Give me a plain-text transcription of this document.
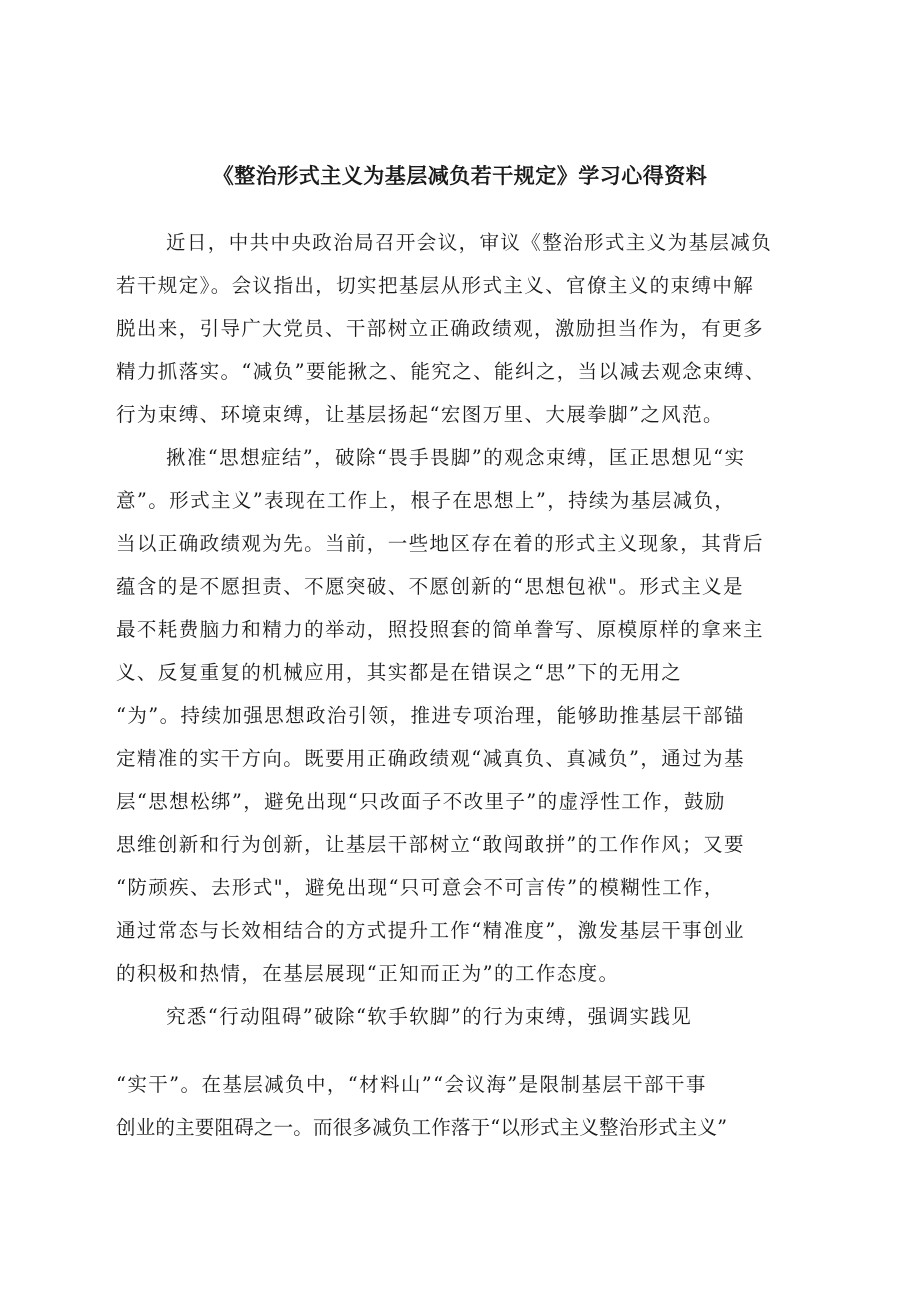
《整治形式主义为基层减负若干规定》学习心得资料
近日，中共中央政治局召开会议，审议《整治形式主义为基层减负
若干规定》。会议指出，切实把基层从形式主义、官僚主义的束缚中解
脱出来，引导广大党员、干部树立正确政绩观，激励担当作为，有更多
精力抓落实。“减负”要能揪之、能究之、能纠之，当以减去观念束缚、
行为束缚、环境束缚，让基层扬起“宏图万里、大展拳脚”之风范。
揪准“思想症结”，破除“畏手畏脚”的观念束缚，匡正思想见“实
意”。形式主义”表现在工作上，根子在思想上”，持续为基层减负，
当以正确政绩观为先。当前，一些地区存在着的形式主义现象，其背后
蕴含的是不愿担责、不愿突破、不愿创新的“思想包袱"。形式主义是
最不耗费脑力和精力的举动，照投照套的简单誊写、原模原样的拿来主
义、反复重复的机械应用，其实都是在错误之“思”下的无用之
“为”。持续加强思想政治引领，推进专项治理，能够助推基层干部锚
定精准的实干方向。既要用正确政绩观“减真负、真减负”，通过为基
层“思想松绑”，避免出现“只改面子不改里子”的虚浮性工作，鼓励
思维创新和行为创新，让基层干部树立“敢闯敢拼”的工作作风；又要
“防顽疾、去形式"，避免出现“只可意会不可言传”的模糊性工作，
通过常态与长效相结合的方式提升工作“精准度”，激发基层干事创业
的积极和热情，在基层展现“正知而正为”的工作态度。
究悉“行动阻碍”破除“软手软脚”的行为束缚，强调实践见
“实干”。在基层减负中，“材料山”“会议海”是限制基层干部干事
创业的主要阻碍之一。而很多减负工作落于“以形式主义整治形式主义”
